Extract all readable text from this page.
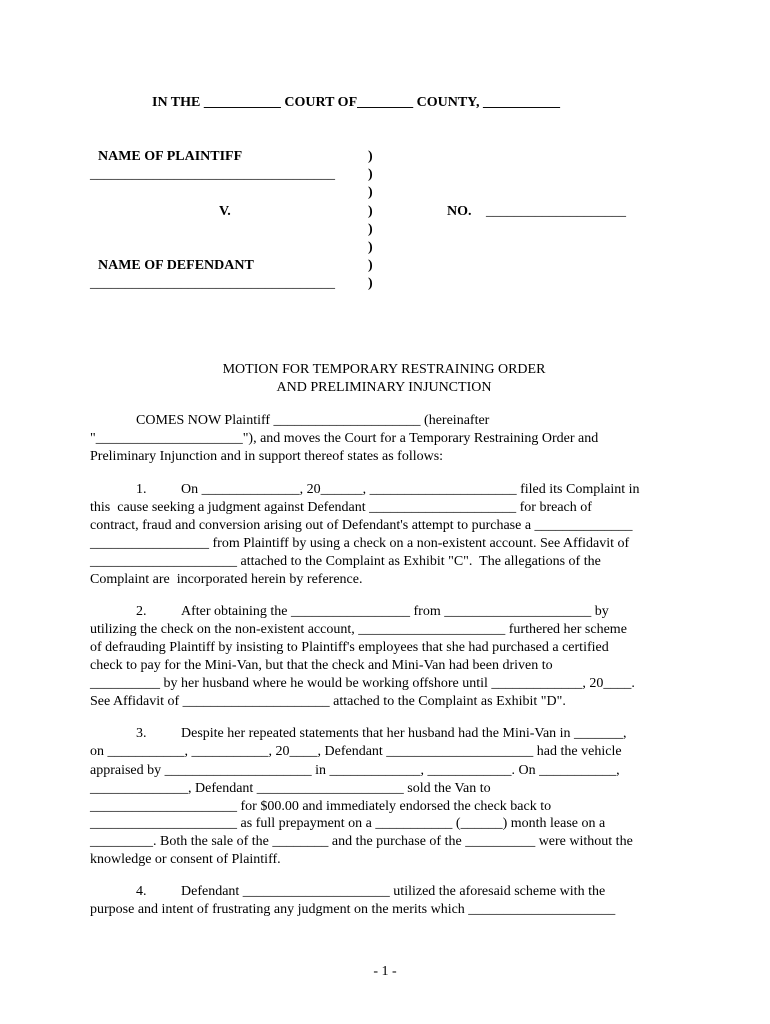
IN THE ___________ COURT OF________ COUNTY, ___________
NAME OF PLAINTIFF
___________________________________
V.
NAME OF DEFENDANT
___________________________________
)
)
)
)
)
)
)
)
NO. ____________________
MOTION FOR TEMPORARY RESTRAINING ORDER
AND PRELIMINARY INJUNCTION
COMES NOW Plaintiff _____________________ (hereinafter
"_____________________"), and moves the Court for a Temporary Restraining Order and
Preliminary Injunction and in support thereof states as follows:
1. On ______________, 20______, _____________________ filed its Complaint in
this  cause seeking a judgment against Defendant _____________________ for breach of
contract, fraud and conversion arising out of Defendant's attempt to purchase a ______________
_________________ from Plaintiff by using a check on a non-existent account. See Affidavit of
_____________________ attached to the Complaint as Exhibit "C".  The allegations of the
Complaint are  incorporated herein by reference.
2. After obtaining the _________________ from _____________________ by
utilizing the check on the non-existent account, _____________________ furthered her scheme
of defrauding Plaintiff by insisting to Plaintiff's employees that she had purchased a certified
check to pay for the Mini-Van, but that the check and Mini-Van had been driven to
__________ by her husband where he would be working offshore until _____________, 20____.
See Affidavit of _____________________ attached to the Complaint as Exhibit "D".
3. Despite her repeated statements that her husband had the Mini-Van in _______,
on ___________, ___________, 20____, Defendant _____________________ had the vehicle
appraised by _____________________ in _____________, ____________. On ___________,
______________, Defendant _____________________ sold the Van to
_____________________ for $00.00 and immediately endorsed the check back to
_____________________ as full prepayment on a ___________ (______) month lease on a
_________. Both the sale of the ________ and the purchase of the __________ were without the
knowledge or consent of Plaintiff.
4. Defendant _____________________ utilized the aforesaid scheme with the
purpose and intent of frustrating any judgment on the merits which _____________________
- 1 -
